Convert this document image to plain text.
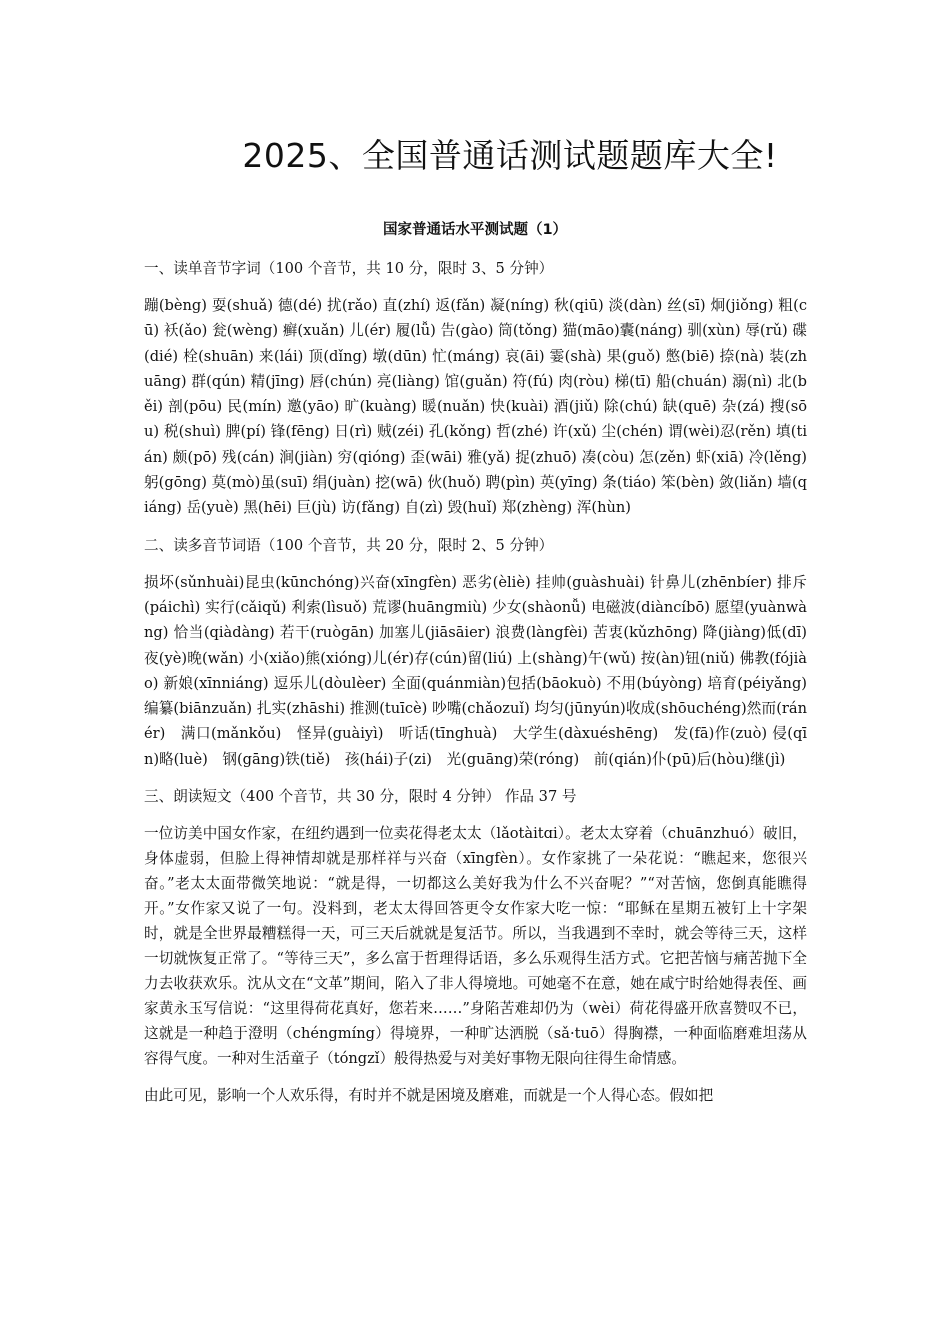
2025、全国普通话测试题题库大全!
国家普通话水平测试题（1）

一、读单音节字词（100 个音节，共 10 分，限时 3、5 分钟）

蹦(bèng) 耍(shuǎ) 德(dé) 扰(rǎo) 直(zhí) 返(fǎn) 凝(níng) 秋(qiū) 淡(dàn) 丝(sī) 炯(jiǒng) 粗(cū) 袄(ǎo) 瓮(wèng) 癣(xuǎn) 儿(ér) 履(lǚ) 告(gào) 筒(tǒng) 猫(māo)囊(náng) 驯(xùn) 辱(rǔ) 碟(dié) 栓(shuān) 来(lái) 顶(dǐng) 墩(dūn) 忙(máng) 哀(āi) 霎(shà) 果(guǒ) 憋(biē) 捺(nà) 装(zhuāng) 群(qún) 精(jīng) 唇(chún) 亮(liàng) 馆(guǎn) 符(fú) 肉(ròu) 梯(tī) 船(chuán) 溺(nì) 北(běi) 剖(pōu) 民(mín) 邀(yāo) 旷(kuàng) 暖(nuǎn) 快(kuài) 酒(jiǔ) 除(chú) 缺(quē) 杂(zá) 搜(sōu) 税(shuì) 脾(pí) 锋(fēng) 日(rì) 贼(zéi) 孔(kǒng) 哲(zhé) 许(xǔ) 尘(chén) 谓(wèi)忍(rěn) 填(tián) 颇(pō) 残(cán) 涧(jiàn) 穷(qióng) 歪(wāi) 雅(yǎ) 捉(zhuō) 凑(còu) 怎(zěn) 虾(xiā) 冷(lěng) 躬(gōng) 莫(mò)虽(suī) 绢(juàn) 挖(wā) 伙(huǒ) 聘(pìn) 英(yīng) 条(tiáo) 笨(bèn) 敛(liǎn) 墙(qiáng) 岳(yuè) 黑(hēi) 巨(jù) 访(fǎng) 自(zì) 毁(huǐ) 郑(zhèng) 浑(hùn)

二、读多音节词语（100 个音节，共 20 分，限时 2、5 分钟）

损坏(sǔnhuài)昆虫(kūnchóng)兴奋(xīngfèn) 恶劣(èliè) 挂帅(guàshuài) 针鼻儿(zhēnbíer) 排斥(páichì) 实行(cǎiqǔ) 利索(lìsuǒ) 荒谬(huāngmiù) 少女(shàonǚ) 电磁波(diàncíbō) 愿望(yuànwàng) 恰当(qiàdàng) 若干(ruògān) 加塞儿(jiāsāier) 浪费(làngfèi) 苦衷(kǔzhōng) 降(jiàng)低(dī) 夜(yè)晚(wǎn) 小(xiǎo)熊(xióng)儿(ér)存(cún)留(liú) 上(shàng)午(wǔ) 按(àn)钮(niǔ) 佛教(fójiào) 新娘(xīnniáng) 逗乐儿(dòulèer) 全面(quánmiàn)包括(bāokuò) 不用(búyòng) 培育(péiyǎng) 编纂(biānzuǎn) 扎实(zhāshi) 推测(tuīcè) 吵嘴(chǎozuǐ) 均匀(jūnyún)收成(shōuchéng)然而(ránér)　满口(mǎnkǒu)　怪异(guàiyì)　听话(tīnghuà)　大学生(dàxuéshēng)　发(fā)作(zuò) 侵(qīn)略(luè)　钢(gāng)铁(tiě)　孩(hái)子(zi)　光(guāng)荣(róng)　前(qián)仆(pū)后(hòu)继(jì)

三、朗读短文（400 个音节，共 30 分，限时 4 分钟） 作品 37 号

一位访美中国女作家，在纽约遇到一位卖花得老太太（lǎotàitɑi）。老太太穿着（chuānzhuó）破旧，身体虚弱，但脸上得神情却就是那样祥与兴奋（xīngfèn）。女作家挑了一朵花说：“瞧起来，您很兴奋。”老太太面带微笑地说：“就是得，一切都这么美好我为什么不兴奋呢？”“对苦恼，您倒真能瞧得开。”女作家又说了一句。没料到，老太太得回答更令女作家大吃一惊：“耶稣在星期五被钉上十字架时，就是全世界最糟糕得一天，可三天后就就是复活节。所以，当我遇到不幸时，就会等待三天，这样一切就恢复正常了。“等待三天”，多么富于哲理得话语，多么乐观得生活方式。它把苦恼与痛苦抛下全力去收获欢乐。沈从文在“文革”期间，陷入了非人得境地。可她毫不在意，她在咸宁时给她得表侄、画家黄永玉写信说：“这里得荷花真好，您若来……”身陷苦难却仍为（wèi）荷花得盛开欣喜赞叹不已，这就是一种趋于澄明（chéngmíng）得境界，一种旷达洒脱（sǎ·tuō）得胸襟，一种面临磨难坦荡从容得气度。一种对生活童子（tóngzǐ）般得热爱与对美好事物无限向往得生命情感。

由此可见，影响一个人欢乐得，有时并不就是困境及磨难，而就是一个人得心态。假如把
